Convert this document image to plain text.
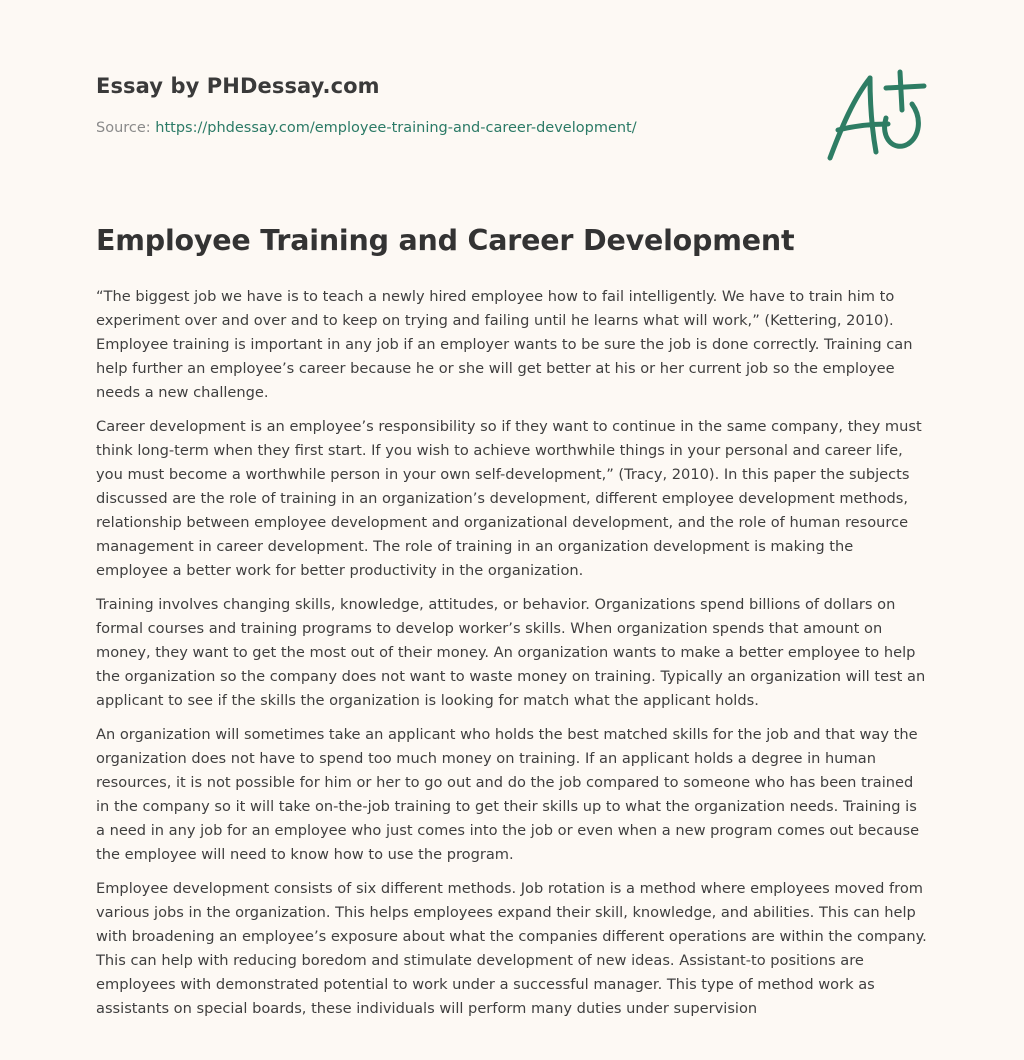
Essay by PHDessay.com
Source: https://phdessay.com/employee-training-and-career-development/
Employee Training and Career Development

“The biggest job we have is to teach a newly hired employee how to fail intelligently. We have to train him to experiment over and over and to keep on trying and failing until he learns what will work,” (Kettering, 2010). Employee training is important in any job if an employer wants to be sure the job is done correctly. Training can help further an employee’s career because he or she will get better at his or her current job so the employee needs a new challenge.

Career development is an employee’s responsibility so if they want to continue in the same company, they must think long-term when they first start. If you wish to achieve worthwhile things in your personal and career life, you must become a worthwhile person in your own self-development,” (Tracy, 2010). In this paper the subjects discussed are the role of training in an organization’s development, different employee development methods, relationship between employee development and organizational development, and the role of human resource management in career development. The role of training in an organization development is making the employee a better work for better productivity in the organization.

Training involves changing skills, knowledge, attitudes, or behavior. Organizations spend billions of dollars on formal courses and training programs to develop worker’s skills. When organization spends that amount on money, they want to get the most out of their money. An organization wants to make a better employee to help the organization so the company does not want to waste money on training. Typically an organization will test an applicant to see if the skills the organization is looking for match what the applicant holds.

An organization will sometimes take an applicant who holds the best matched skills for the job and that way the organization does not have to spend too much money on training. If an applicant holds a degree in human resources, it is not possible for him or her to go out and do the job compared to someone who has been trained in the company so it will take on-the-job training to get their skills up to what the organization needs. Training is a need in any job for an employee who just comes into the job or even when a new program comes out because the employee will need to know how to use the program.

Employee development consists of six different methods. Job rotation is a method where employees moved from various jobs in the organization. This helps employees expand their skill, knowledge, and abilities. This can help with broadening an employee’s exposure about what the companies different operations are within the company. This can help with reducing boredom and stimulate development of new ideas. Assistant-to positions are employees with demonstrated potential to work under a successful manager. This type of method work as assistants on special boards, these individuals will perform many duties under supervision
